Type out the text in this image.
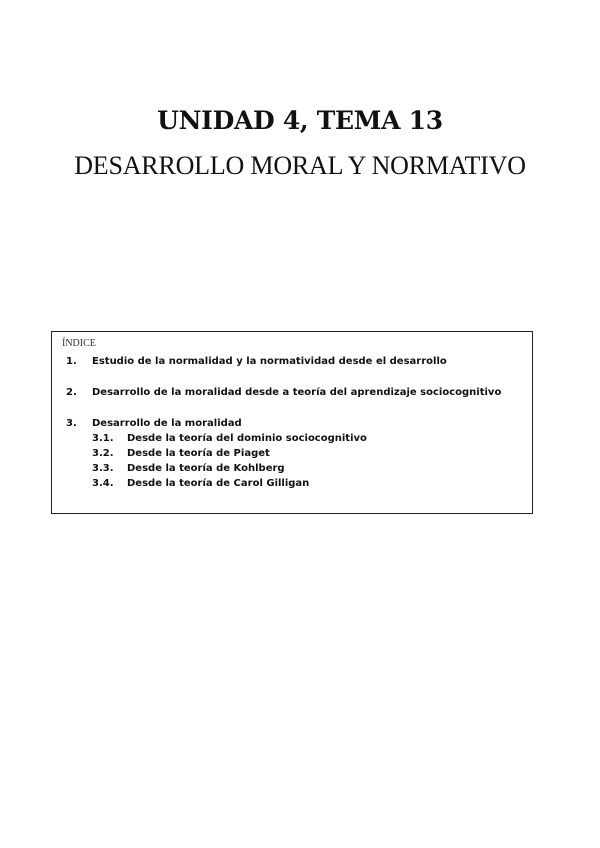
UNIDAD 4, TEMA 13
DESARROLLO MORAL Y NORMATIVO
ÍNDICE
1. Estudio de la normalidad y la normatividad desde el desarrollo
2. Desarrollo de la moralidad desde a teoría del aprendizaje sociocognitivo
3. Desarrollo de la moralidad
3.1. Desde la teoría del dominio sociocognitivo
3.2. Desde la teoría de Piaget
3.3. Desde la teoría de Kohlberg
3.4. Desde la teoría de Carol Gilligan
